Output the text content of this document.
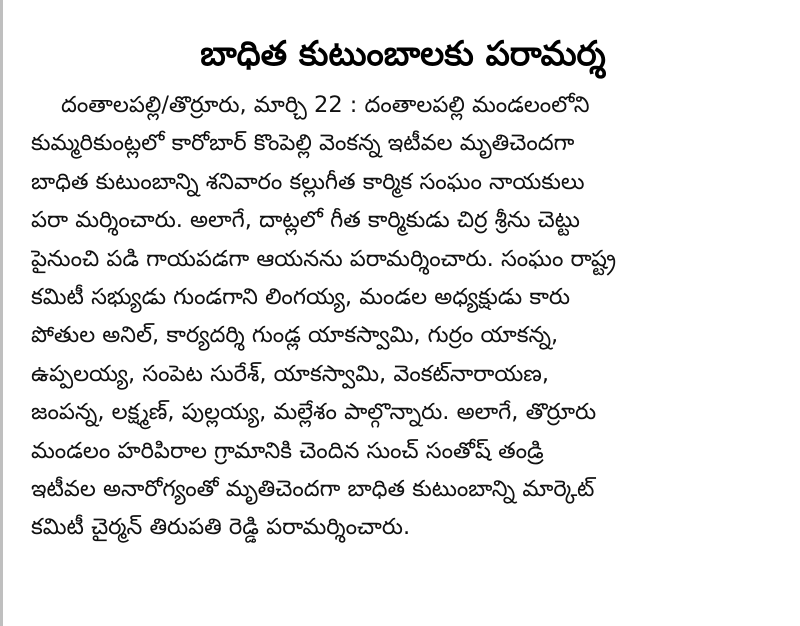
బాధిత కుటుంబాలకు పరామర్శ
దంతాలపల్లి/తొర్రూరు, మార్చి 22 : దంతాలపల్లి మండలంలోని
కుమ్మరికుంట్లలో కారోబార్ కొంపెల్లి వెంకన్న ఇటీవల మృతిచెందగా
బాధిత కుటుంబాన్ని శనివారం కల్లుగీత కార్మిక సంఘం నాయకులు
పరా మర్శించారు. అలాగే, దాట్లలో గీత కార్మికుడు చిర్ర శ్రీను చెట్టు
పైనుంచి పడి గాయపడగా ఆయనను పరామర్శించారు. సంఘం రాష్ట్ర
కమిటీ సభ్యుడు గుండగాని లింగయ్య, మండల అధ్యక్షుడు కారు
పోతుల అనిల్, కార్యదర్శి గుండ్ల యాకస్వామి, గుర్రం యాకన్న,
ఉప్పలయ్య, సంపెట సురేశ్, యాకస్వామి, వెంకట్‌నారాయణ,
జంపన్న, లక్ష్మణ్, పుల్లయ్య, మల్లేశం పాల్గొన్నారు. అలాగే, తొర్రూరు
మండలం హరిపిరాల గ్రామానికి చెందిన సుంచ్ సంతోష్ తండ్రి
ఇటీవల అనారోగ్యంతో మృతిచెందగా బాధిత కుటుంబాన్ని మార్కెట్
కమిటీ చైర్మన్ తిరుపతి రెడ్డి పరామర్శించారు.
